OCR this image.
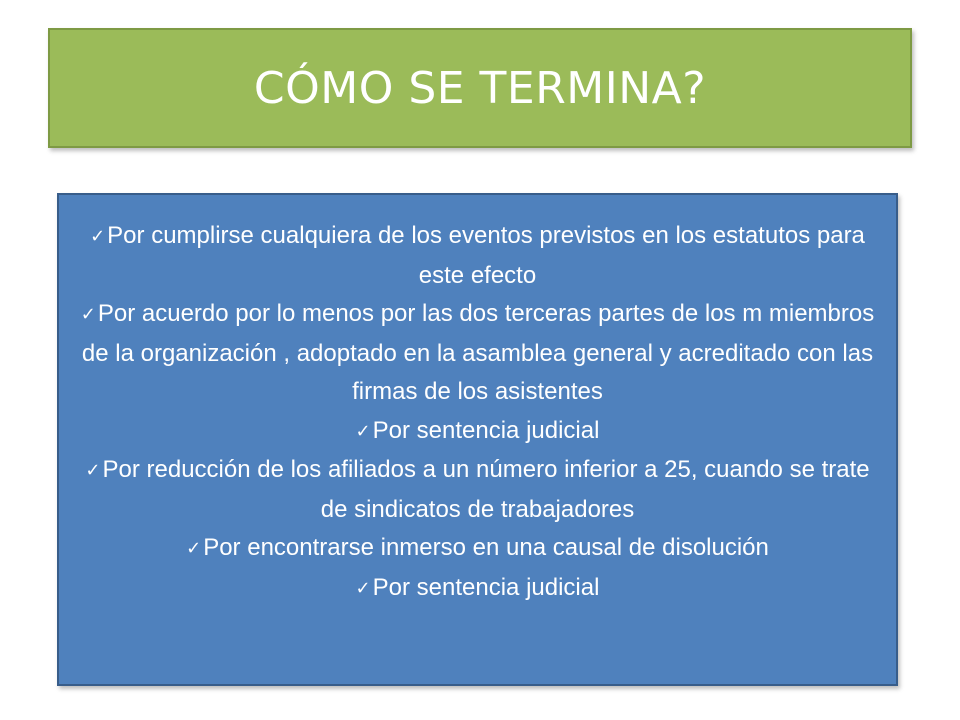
CÓMO SE TERMINA?
✓Por cumplirse cualquiera de los eventos previstos en los estatutos para este efecto
✓Por acuerdo por lo menos por las dos terceras partes de los m miembros de la organización , adoptado en la asamblea general y acreditado con las firmas de los asistentes
✓Por sentencia judicial
✓Por reducción de los afiliados a un número inferior a 25, cuando se trate de sindicatos de trabajadores
✓Por encontrarse inmerso en una causal de disolución
✓Por sentencia judicial
